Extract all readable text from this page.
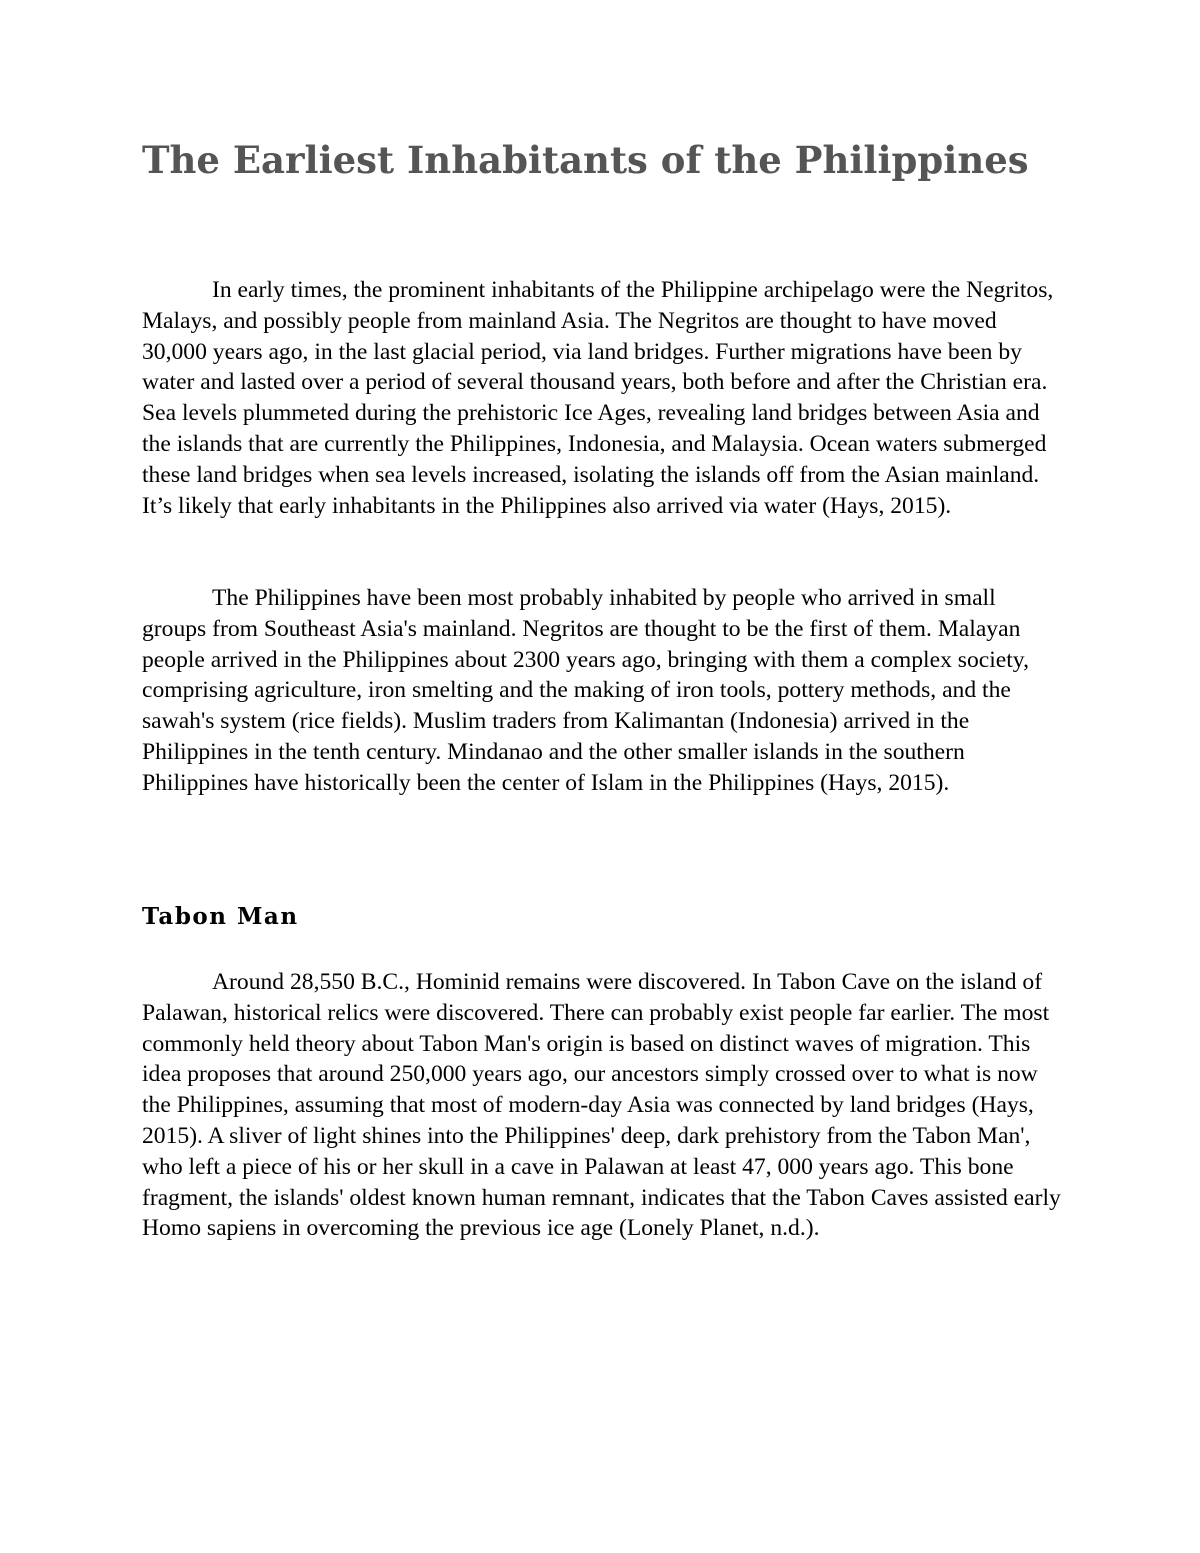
The Earliest Inhabitants of the Philippines

In early times, the prominent inhabitants of the Philippine archipelago were the Negritos, Malays, and possibly people from mainland Asia. The Negritos are thought to have moved 30,000 years ago, in the last glacial period, via land bridges. Further migrations have been by water and lasted over a period of several thousand years, both before and after the Christian era. Sea levels plummeted during the prehistoric Ice Ages, revealing land bridges between Asia and the islands that are currently the Philippines, Indonesia, and Malaysia. Ocean waters submerged these land bridges when sea levels increased, isolating the islands off from the Asian mainland. It’s likely that early inhabitants in the Philippines also arrived via water (Hays, 2015).

The Philippines have been most probably inhabited by people who arrived in small groups from Southeast Asia's mainland. Negritos are thought to be the first of them. Malayan people arrived in the Philippines about 2300 years ago, bringing with them a complex society, comprising agriculture, iron smelting and the making of iron tools, pottery methods, and the sawah's system (rice fields). Muslim traders from Kalimantan (Indonesia) arrived in the Philippines in the tenth century. Mindanao and the other smaller islands in the southern Philippines have historically been the center of Islam in the Philippines (Hays, 2015).

Tabon Man

Around 28,550 B.C., Hominid remains were discovered. In Tabon Cave on the island of Palawan, historical relics were discovered. There can probably exist people far earlier. The most commonly held theory about Tabon Man's origin is based on distinct waves of migration. This idea proposes that around 250,000 years ago, our ancestors simply crossed over to what is now the Philippines, assuming that most of modern-day Asia was connected by land bridges (Hays, 2015). A sliver of light shines into the Philippines' deep, dark prehistory from the Tabon Man', who left a piece of his or her skull in a cave in Palawan at least 47, 000 years ago. This bone fragment, the islands' oldest known human remnant, indicates that the Tabon Caves assisted early Homo sapiens in overcoming the previous ice age (Lonely Planet, n.d.).
